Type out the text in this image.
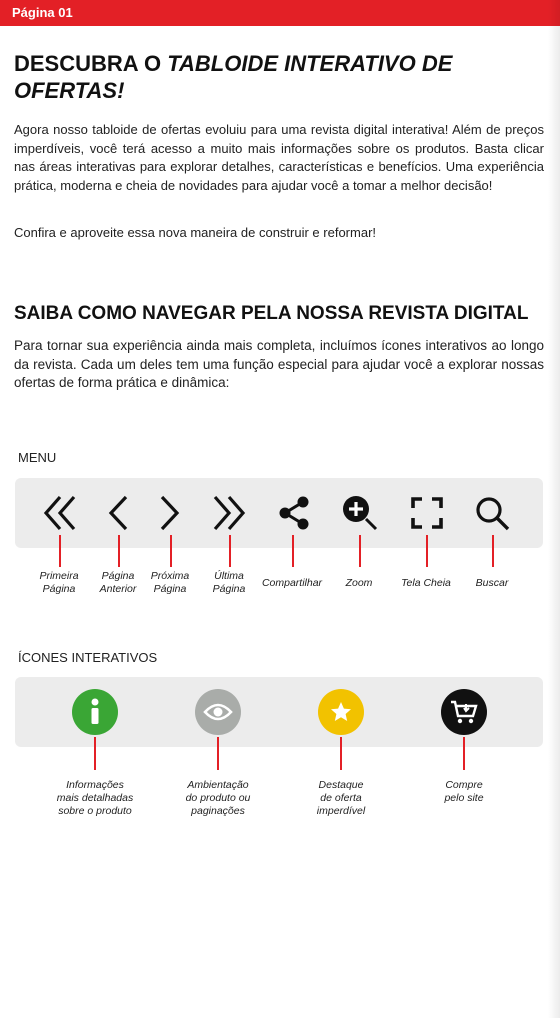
Página 01
DESCUBRA O TABLOIDE INTERATIVO DE OFERTAS!
Agora nosso tabloide de ofertas evoluiu para uma revista digital interativa! Além de preços imperdíveis, você terá acesso a muito mais informações sobre os produtos. Basta clicar nas áreas interativas para explorar detalhes, características e benefícios. Uma experiência prática, moderna e cheia de novidades para ajudar você a tomar a melhor decisão!
Confira e aproveite essa nova maneira de construir e reformar!
SAIBA COMO NAVEGAR PELA NOSSA REVISTA DIGITAL
Para tornar sua experiência ainda mais completa, incluímos ícones interativos ao longo da revista. Cada um deles tem uma função especial para ajudar você a explorar nossas ofertas de forma prática e dinâmica:
MENU
Primeira
Página
Página
Anterior
Próxima
Página
Última
Página	Compartilhar	Zoom	Tela Cheia	Buscar
ÍCONES INTERATIVOS
Informações
mais detalhadas
sobre o produto
Ambientação
do produto ou
paginações
Destaque
de oferta
imperdível
Compre
pelo site
